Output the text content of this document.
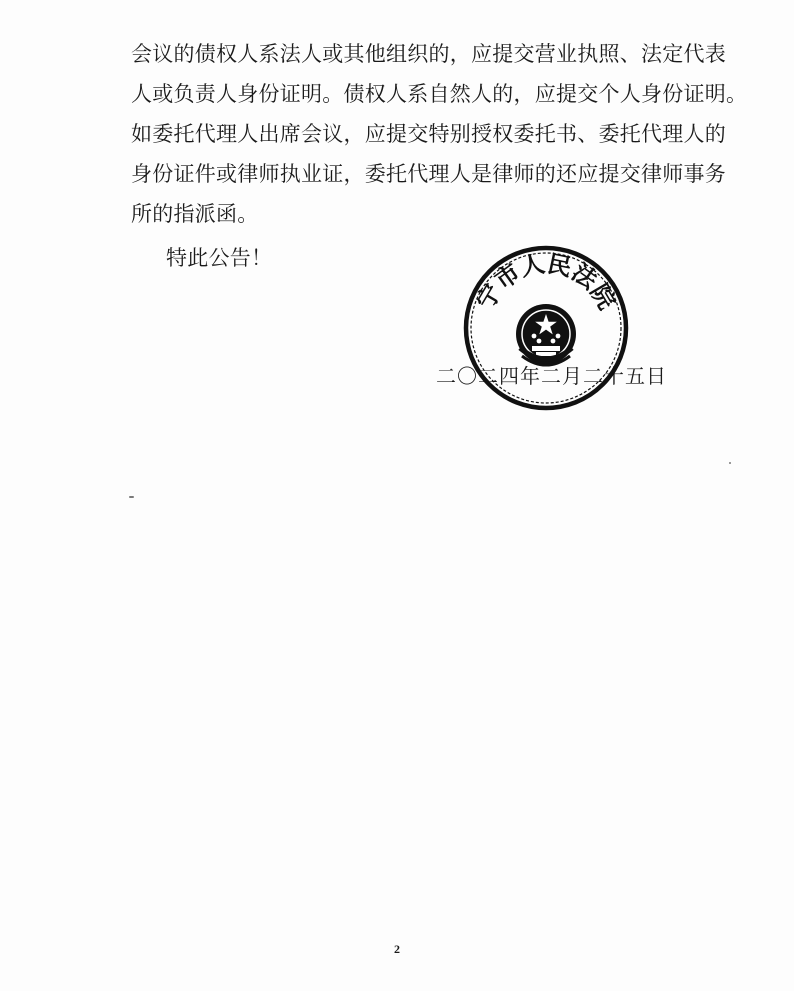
会议的债权人系法人或其他组织的，应提交营业执照、法定代表
人或负责人身份证明。债权人系自然人的，应提交个人身份证明。
如委托代理人出席会议，应提交特别授权委托书、委托代理人的
身份证件或律师执业证，委托代理人是律师的还应提交律师事务
所的指派函。
特此公告！
二〇二四年二月二十五日
宁市人民法院
2
